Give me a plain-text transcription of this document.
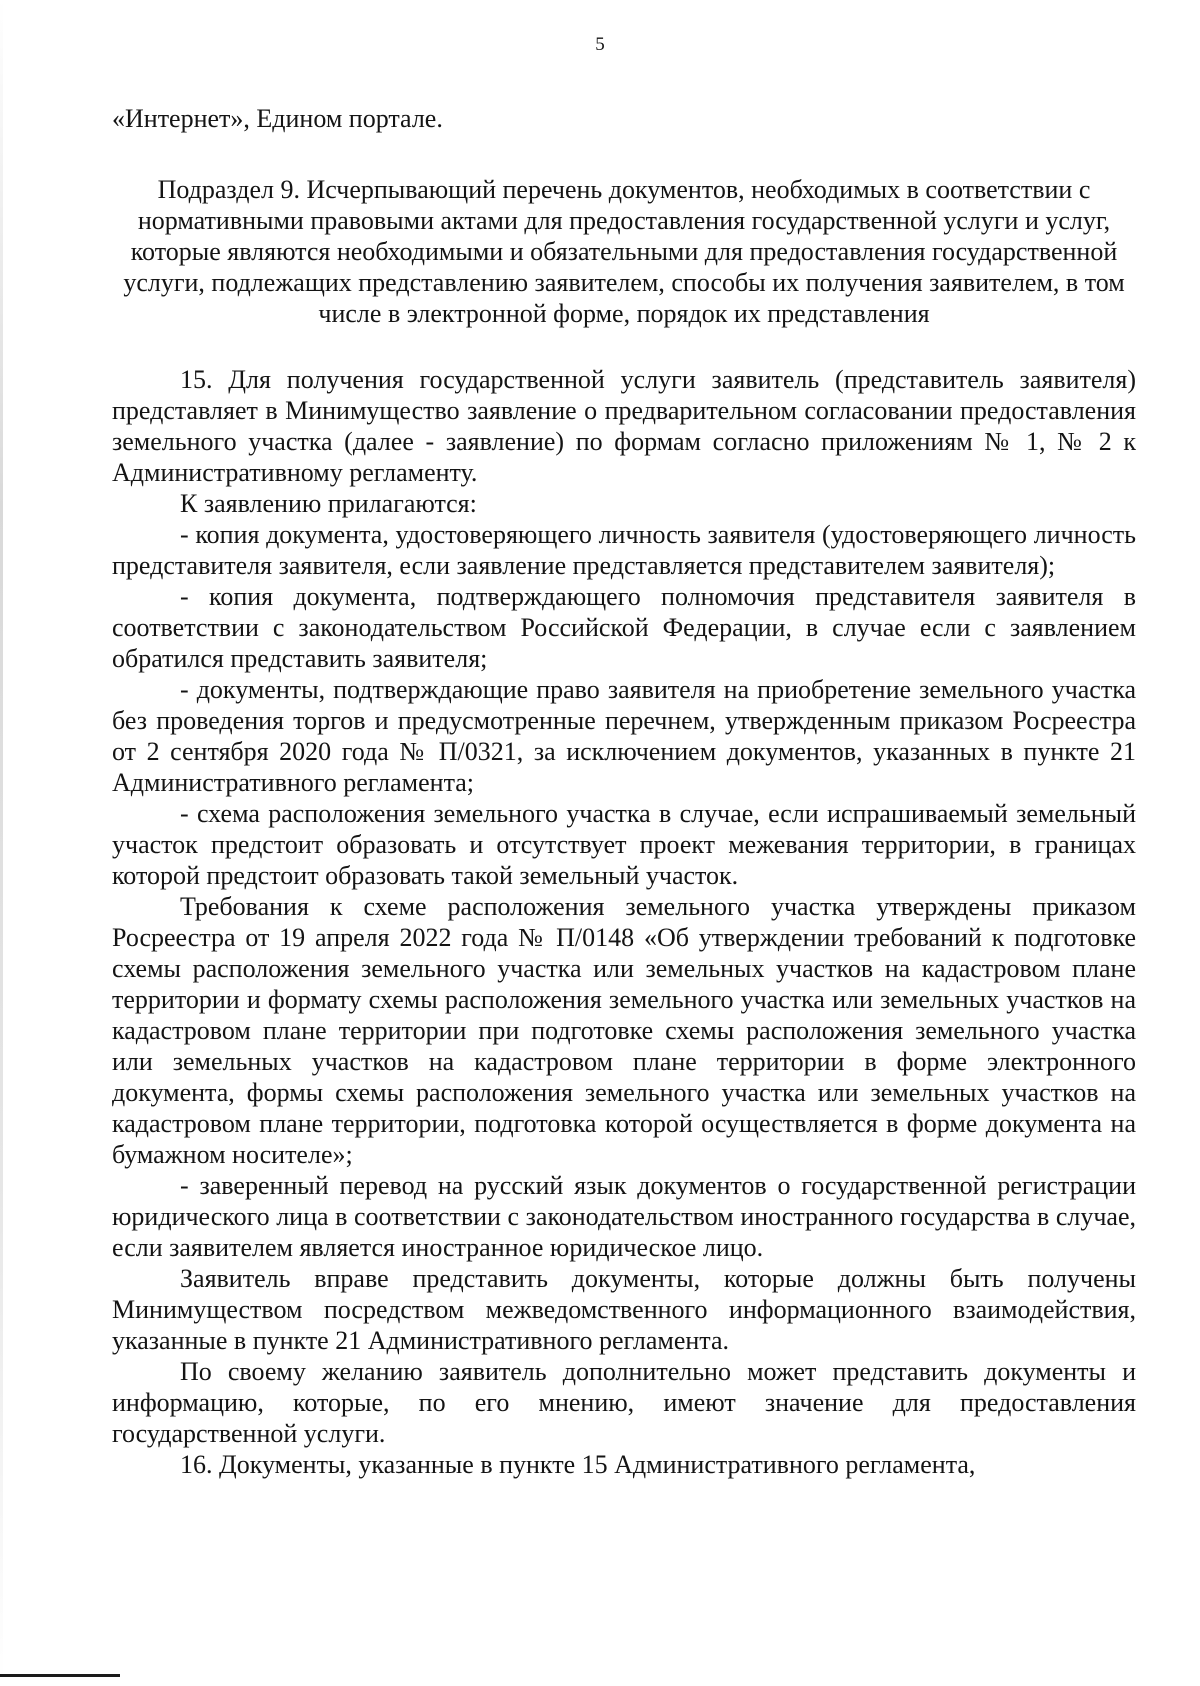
5
«Интернет», Едином портале.
Подраздел 9. Исчерпывающий перечень документов, необходимых в соответствии с нормативными правовыми актами для предоставления государственной услуги и услуг, которые являются необходимыми и обязательными для предоставления государственной услуги, подлежащих представлению заявителем, способы их получения заявителем, в том числе в электронной форме, порядок их представления

15. Для получения государственной услуги заявитель (представитель заявителя) представляет в Минимущество заявление о предварительном согласовании предоставления земельного участка (далее - заявление) по формам согласно приложениям № 1, № 2 к Административному регламенту.

К заявлению прилагаются:

- копия документа, удостоверяющего личность заявителя (удостоверяющего личность представителя заявителя, если заявление представляется представителем заявителя);

- копия документа, подтверждающего полномочия представителя заявителя в соответствии с законодательством Российской Федерации, в случае если с заявлением обратился представить заявителя;

- документы, подтверждающие право заявителя на приобретение земельного участка без проведения торгов и предусмотренные перечнем, утвержденным приказом Росреестра от 2 сентября 2020 года № П/0321, за исключением документов, указанных в пункте 21 Административного регламента;

- схема расположения земельного участка в случае, если испрашиваемый земельный участок предстоит образовать и отсутствует проект межевания территории, в границах которой предстоит образовать такой земельный участок.

Требования к схеме расположения земельного участка утверждены приказом Росреестра от 19 апреля 2022 года № П/0148 «Об утверждении требований к подготовке схемы расположения земельного участка или земельных участков на кадастровом плане территории и формату схемы расположения земельного участка или земельных участков на кадастровом плане территории при подготовке схемы расположения земельного участка или земельных участков на кадастровом плане территории в форме электронного документа, формы схемы расположения земельного участка или земельных участков на кадастровом плане территории, подготовка которой осуществляется в форме документа на бумажном носителе»;

- заверенный перевод на русский язык документов о государственной регистрации юридического лица в соответствии с законодательством иностранного государства в случае, если заявителем является иностранное юридическое лицо.

Заявитель вправе представить документы, которые должны быть получены Минимуществом посредством межведомственного информационного взаимодействия, указанные в пункте 21 Административного регламента.

По своему желанию заявитель дополнительно может представить документы и информацию, которые, по его мнению, имеют значение для предоставления государственной услуги.

16. Документы, указанные в пункте 15 Административного регламента,
